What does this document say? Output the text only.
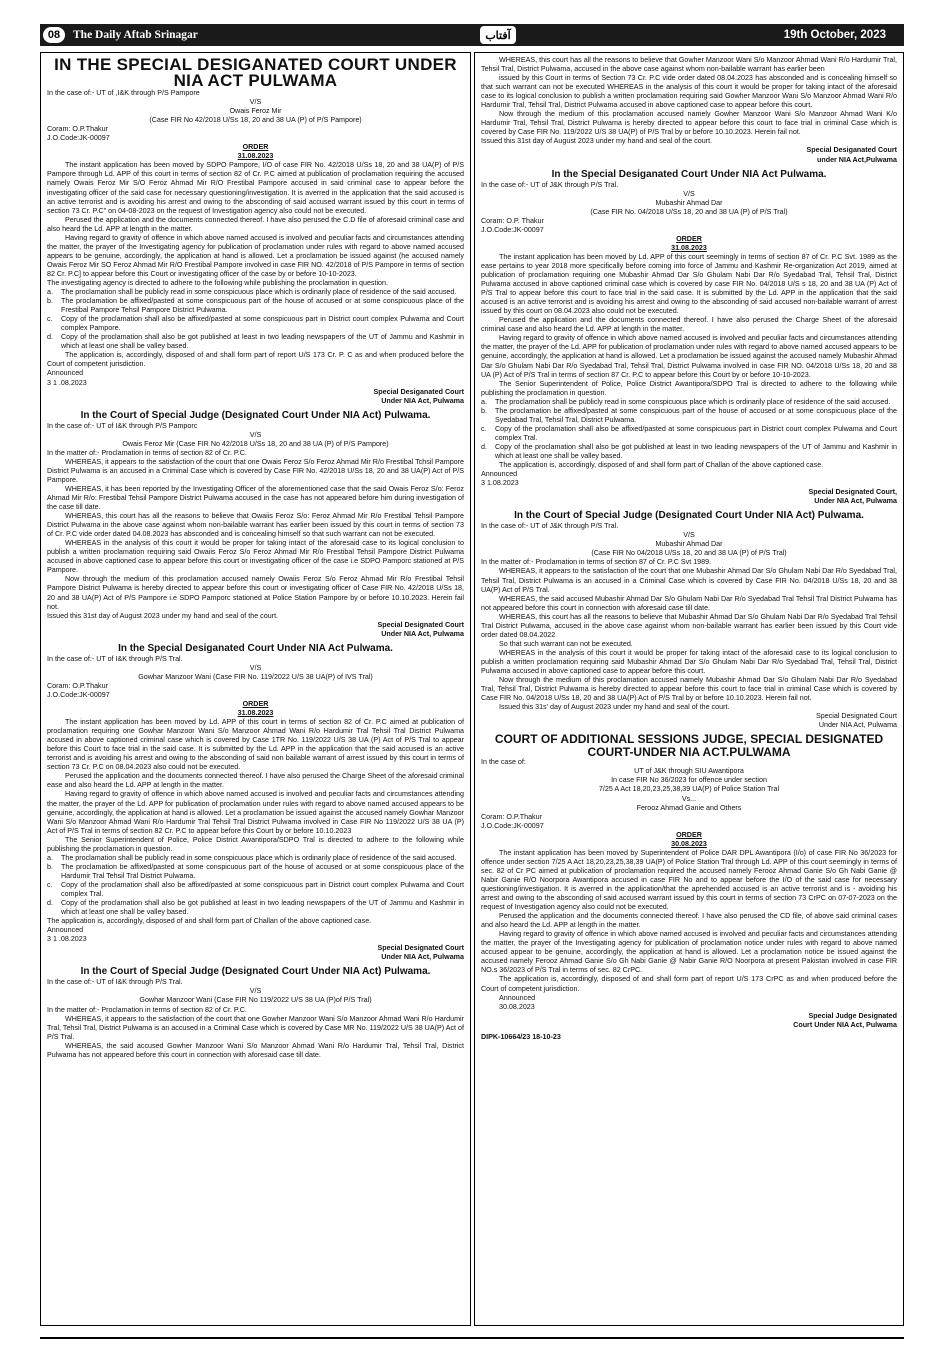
08	The Daily Aftab Srinagar	آفتاب	19th October, 2023

IN THE SPECIAL DESIGANATED COURT UNDER NIA ACT PULWAMA

In the case of:- UT of ,I&K through P/S Pampore

V/S

Owais Feroz Mir

(Case FIR No 42/2018 U/Ss 18, 20 and 38 UA (P) of P/S Pampore)

Coram: O.P.Thakur

J.O.Code:JK-00097

ORDER

31.08.2023

The instant application has been moved by SDPO Pampore, I/O of case FIR No. 42/2018 U/Ss 18, 20 and 38 UA(P) of P/S Pampore through Ld. APP of this court in terms of section 82 of Cr. P.C aimed at publication of proclamation requiring the accused namely Owais Feroz Mir S/O Feroz Ahmad Mir R/O Frestibal Pampore accused in said criminal case to appear before the investigating officer of the said case for necessary questioning/investigation. It is averred in the application that the said accused is an active terrorist and is avoiding his arrest and owing to the absconding of said accused warrant issued by this court in terms of section 73 Cr. P.C" on 04-08-2023 on the request of Investigation agency also could not be executed.

Perused the application and the documents connected thereof. I have also perused the C.D file of aforesaid criminal case and also heard the Ld. APP at length in the matter.

Having regard to gravity of offence in which above named accused is involved and peculiar facts and circumstances attending the matter, the prayer of the Investigating agency for publication of proclamation under rules with regard to above named accused appears to be genuine, accordingly, the application at hand is allowed. Let a proclamation be issued against (he accused namely Owais Feroz Mir SO Feroz Ahmad Mir R/O Frestibal Pampore involved in case FIR NO. 42/2018 of P/S Pampore in terms of section 82 Cr. P.C] to appear before this Court or investigating officer of the case by or before 10-10-2023.

The investigating agency is directed to adhere to the following while publishing the proclamation in question.

a.	The proclamation shall be publicly read in some conspicuous place which is ordinarily place of residence of the said accused.
b.	The proclamation be affixed/pasted at some conspicuous part of the house of accused or at some conspicuous place of the Frestibal Pampore Tehsil Pampore District Pulwama.
c.	Copy of the proclamation shall also be affixed/pasted at some conspicuous part in District court complex Pulwama and Court complex Pampore.
d.	Copy of the proclamation shall also be got published at least in two leading newspapers of the UT of Jammu and Kashmir in which at least one shall be valley based.

The application is, accordingly, disposed of and shall form part of report U/S 173 Cr. P. C as and when produced before the Court of competent jurisdiction.

Announced

3 1 .08.2023

Special Desiganated Court

Under NIA Act, Pulwama

In the Court of Special Judge (Designated Court Under NIA Act) Pulwama.

In the case of:- UT of I&K through P/S Pamporc

V/S

Owais Feroz Mir (Case FIR No 42/2018 U/Ss 18, 20 and 38 UA (P) of P/S Pampore)

In the matter of:- Proclamation in terms of section 82 of Cr. P.C.

WHEREAS, it appears to the satisfaction of the court that one Owais Feroz S/o Feroz Ahmad Mir R/o Frestibal Tchsil Pampore District Pulwama is an accused in a Criminal Case which is covered by Case FIR No. 42/2018 U/Ss 18, 20 and 38 UA(P) Act of P/S Pampore.

WHEREAS, it has been reported by the Investigating Officer of the aforementioned case that the said Owais Feroz S/o: Feroz Ahmad Mir R/o: Frestibal Tehsil Pampore District Pulwama accused in the case has not appeared before him during investigation of the case till date.

WHEREAS, this court has all the reasons to believe that Owaiis Feroz S/o: Feroz Ahmad Mir R/o Frestibal Tehsil Pampore District Pulwama in the above case against whom non-bailable warrant has earlier been issued by this court in terms of section 73 of Cr. P.C vide order dated 04.08.2023 has absconded and is concealing himself so that such warrant can not be executed.

WHEREAS in the analysis of this court it would be proper for taking intact of the aforesaid case to its logical conclusion to publish a written proclamation requiring said Owaiis Feroz S/o Feroz Ahmad Mir R/o Frestibal Tehsil Pampore District Pulwama accused in above captioned case to appear before this court or investigating officer of the case i.e SDPO Pamporc stationed at P/S Pampore.

Now through the medium of this proclamation accused namely Owaiis Feroz S/o Feroz Ahmad Mir R/o Frestibal Tehsil Pampore District Pulwama is hereby directed to appear before this court or investigating officer of Case FIR No. 42/2018 U/Ss 18, 20 and 38 UA(P) Act of P/S Pampore i.e SDPO Pamporc stationed at Police Station Pampore by or before 10.10.2023. Herein fail not.

Issued this 31st day of August 2023 under my hand and seal of the court.

Special Designated Court

Under NIA Act, Pulwama

In the Special Desiganated Court Under NIA Act Pulwama.

In the case of:- UT of I&K through P/S Tral.

V/S

Gowhar Manzoor Wani (Case FIR No. 119/2022 U/S 38 UA(P) of IVS Tral)

Coram: O.P.Thakur

J.O.Code:JK-00097

ORDER

31.08.2023

The instant application has been moved by Ld. APP of this court in terms of section 82 of Cr. P.C aimed at publication of proclamation requiring one Gowhar Manzoor Wani S/o Manzoor Ahmad Wani R/o Hardumir Tral Tehsil Tral District Pulwama accused in above captioned criminal case which is covered by Case 1TR No. 119/2022 U/S 38 UA (P) Act of P/S Tral to appear before this Court to face trial in the said case. It is submitted by the Ld. APP in the application that the said accused is an active terrorist and is avoiding his arrest and owing to the absconding of said non bailable warrant of arrest issued by this court in terms of section 73 Cr. P.C on 08.04.2023 also could not be executed.

Perused the application and the documents connected thereof. I have also perused the Charge Sheet of the aforesaid criminal ease and also heard the Ld. APP at length in the matter.

Having regard to gravity of offence in which above named accused is involved and peculiar facts and circumstances attending the matter, the prayer of the Ld. APP for publication of proclamation under rules with regard to above named accused appears to be genuine, accordingly, the application at hand is allowed. Let a proclamation be issued against the accused namely Gowhar Manzoor Wani S/o Manzoor Ahmad Wani R/o Hardumir Tral Tehsil Tral District Pulwama involved in Case FIR No 119/2022 U/S 38 UA (P) Act of P/S Tral in terms of section 82 Cr. P.C to appear before this Court by or before 10.10.2023

The Senior Superintendent of Police, Police District Awantipora/SDPO Tral is directed to adhere to the following while publishing the proclamation in question.

a.	The proclamation shall be publicly read in some conspicuous place which is ordinarily place of residence of the said accused.
b.	The proclamation be affixed/pasted at some conspicuous part of the house of accused or at some conspicuous place of the Hardumir Tral Tehsil Tral District Pulwama.
c.	Copy of the proclamation shall also be affixed/pasted at some conspicuous part in District court complex Pulwama and Court complex Tral.
d.	Copy of the proclamation shall also be got published at least in two leading newspapers of the UT of Jammu and Kashmir in which at least one shall be valley based.

The application is, accordingly, disposed of and shall form part of Challan of the above captioned case.

Announced

3 1 .08.2023

Special Designated Court

Under NIA Act, Pulwama

In the Court of Special Judge (Designated Court Under NIA Act) Pulwama.

In the case of:- UT of I&K through P/S Tral.

V/S

Gowhar Manzoor Wani (Case FIR No 119/2022 U/S 38 UA (P)of P/S Tral)

In the matter of:- Proclamation in terms of section 82 of Cr. P.C.

WHEREAS, it appears to the satisfaction of the court that one Gowher Manzoor Wani S/o Manzoor Ahmad Wani R/o Hardumir Tral, Tehsil Tral, District Pulwama is an accused in a Criminal Case which is covered by Case MR No. 119/2022 U/S 38 UA(P) Act of P/S Tral.

WHEREAS, the said accused Gowher Manzoor Wani S/o Manzoor Ahmad Wani R/o Hardumir Tral, Tehsil Tral, District Pulwama has not appeared before this court in connection with aforesaid case till date.

WHEREAS, this court has all the reasons to believe that Gowher Manzoor Wani S/o Manzoor Ahmad Wani R/o Hardumir Tral, Tehsil Tral, District Pulwama, accused in the above case against whom non-bailable warrant has earlier been

issued by this Court in terms of Section 73 Cr. P.C vide order dated 08.04.2023 has absconded and is concealing himself so that such warrant can not be executed WHEREAS in the analysis of this court it would be proper for taking intact of the aforesaid case to its logical conclusion to publish a written proclamation requiring said Gowher Manzoor Wani S/o Manzoor Ahmad Wani R/o Hardumir Tral, Tehsil Tral, District Pulwama accused in above captioned case to appear before this court.

Now through the medium of this proclamation accused namely Gowher Manzoor Wani S/o Manzoor Ahmad Wani K/o Hardumir Tral, Tehsil Tral, District Pulwama is hereby directed to appear before this court to face trial in criminal Case which is covered by Case FIR No. 119/2022 U/S 38 UA(P) of P/S Tral by or before 10.10.2023. Herein fail not.

Issued this 31st day of August 2023 under my hand and seal of the court.

Special Desiganated Court

under NIA Act,Pulwama

In the Special Desiganated Court Under NIA Act Pulwama.

In the case of:- UT of J&K through P/S Tral.

V/S

Mubashir Ahmad Dar

(Case FIR No. 04/2018 U/Ss 18, 20 and 38 UA (P) of P/S Tral)

Coram: O.P. Thakur

J.O.Code:JK-00097

ORDER

31.08.2023

The instant application has been moved by Ld. APP of this court seemingly in terms of section 87 of Cr. P.C Svt. 1989 as the ease pertains to year 2018 more specifically before coming into force of Jammu and Kashmir Re-organization Act 2019, aimed at publication of proclamation requiring one Mubashir Ahmad Dar S/o Ghulam Nabi Dar R/o Syedabad Tral, Tehsil Tral, District Pulwama accused in above captioned criminal case which is covered by case FIR No. 04/2018 U/S s 18, 20 and 38 UA (P) Act of P/S Tral to appear before this court to face trial in the said case. It is submitted by the Ld. APP in the application that the said accused is an active terrorist and is avoiding his arrest and owing to the absconding of said accused non-bailable warrant of arrest issued by this court on 08.04.2023 also could not be executed.

Perused the application and the documents connected thereof. I have also perused the Charge Sheet of the aforesaid criminal case and also heard the Ld. APP at length in the matter.

Having regard to gravity of offence in which above named accused is involved and peculiar facts and circumstances attending the matter, the prayer of the Ld. APP for publication of proclamation under rules with regard to above named accused appears to be genuine, accordingly, the application at hand is allowed. Let a proclamation be issued against the accused namely Mubashir Ahmad Dar S/o Ghulam Nabi Dar R/o Syedabad Tral, Tehsil Tral, District Pulwama involved in case FIR NO. 04/2018 U/Ss 18, 20 and 38 UA (P) Act of P/S Tral in terms of section 87 Cr. P.C to appear before this Court by or before 10-10-2023.

The Senior Superintendent of Police, Police District Awantipora/SDPO Tral is directed to adhere to the following while publishing the proclamation in question.

a.	The proclamation shall be publicly read in some conspicuous place which is ordinarily place of residence of the said accused.
b.	The proclamation be affixed/pasted at some conspicuous part of the house of accused or at some conspicuous place of the Syedabad Tral, Tehsil Tral, District Pulwama.
c.	Copy of the proclamation shall also be affixed/pasted at some conspicuous part in District court complex Pulwama and Court complex Tral.
d.	Copy of the proclamation shall also be got published at least in two leading newspapers of the UT of Jammu and Kashmir in which at least one shall be valley based.

The application is, accordingly, disposed of and shall form part of Challan of the above captioned case.

Announced

3 1.08.2023

Special Designated Court,

Under NIA Act, Pulwama

In the Court of Special Judge (Designated Court Under NIA Act) Pulwama.

In the case of:- UT of J&K through P/S Tral.

V/S

Mubashir Ahmad Dar

(Case FIR No 04/2018 U/Ss 18, 20 and 38 UA (P) of P/S Tral)

In the matter of:- Proclamation in terms of section 87 of Cr. P.C Svt 1989.

WHEREAS, it appears to the satisfaction of the court that one Mubashir Ahmad Dar S/o Ghulam Nabi Dar R/o Syedabad Tral, Tehsil Tral, District Pulwama is an accused in a Criminal Case which is covered by Case FIR No. 04/2018 U/Ss 18, 20 and 38 UA(P) Act of P/S Tral.

WHEREAS, the said accused Mubashir Ahmad Dar S/o Ghulam Nabi Dar R/o Syedabad Tral Tehsil Tral District Pulwama has not appeared before this court in connection with aforesaid case till date.

WHEREAS, this court has all the reasons to believe that Mubashir Ahmad Dar S/o Ghulam Nabi Dar R/o Syedabad Tral Tehsil Tral District Pulwama, accused in the above case against whom non-bailable warrant has earlier been issued by this Court vide order dated 08.04.2022

So that such warrant can not be executed.

WHEREAS in the analysis of this court it would be proper for taking intact of the aforesaid case to its logical conclusion to publish a written proclamation requiring said Mubashir Ahmad Dar S/o Ghulam Nabi Dar R/o Syedabad Tral, Tehsil Tral, District Pulwama accused in above captioned case to appear before this court.

Now through the medium of this proclamation accused namely Mubashir Ahmad Dar S/o Ghulam Nabi Dar R/o Syedabad Tral, Tehsil Tral, District Pulwama is hereby directed to appear before this court to face trial in criminal Case which is covered by Case FIR No. 04/2018 U/Ss 18, 20 and 38 UA(P) Act of P/S Tral by or before 10.10.2023. Herein fail not.

Issued this 31s' day of August 2023 under my hand and seal of the court.

Special Designated Court

Under NIA Act, Pulwama

COURT OF ADDITIONAL SESSIONS JUDGE, SPECIAL DESIGNATED COURT-UNDER NIA ACT.PULWAMA

In the case of:

UT of J&K through SIU Awantipora

In case FIR No 36/2023 for offence under section

7/25 A Act 18,20,23,25,38,39 UA(P) of Police Station Tral

Vs...

Ferooz Ahmad Ganie and Others

Coram: O.P.Thakur

J.O.Code:JK-00097

ORDER

30.08.2023

The instant application has been moved by Superintendent of Police DAR DPL Awantipora (I/o) of case FIR No 36/2023 for offence under section 7/25 A Act 18,20,23,25,38,39 UA(P) of Police Station Tral through Ld. APP of this court seemingly in terms of sec. 82 of Cr PC aimed at publication of proclamation required the accused namely Ferooz Ahmad Ganie S/o Gh Nabi Ganie @ Nabir Ganie R/O Noorpora Awantipora accused in case FIR No and to appear before the I/O of the said case for necessary questioning/investigation. It is averred in the application/that the aprehended accused is an active terrorist and is - avoiding his arrest and owing to the absconding of said accused warrant issued by this court in terms of section 73 CrPC on 07-07-2023 on the request of Investigation agency also could not be executed.

Perused the application and the documents connected thereof. I have also perused the CD file, of above said criminal cases and also heard the Ld. APP at length in the matter.

Having regard to gravity of offence in which above named accused is involved and peculiar facts and circumstances attending the matter, the prayer of the Investigating agency for publication of proclamation notice under rules with regard to above named accused appear to be genuine, accordingly, the application at hand is allowed. Let a proclamation notice be issued against the accused namely Ferooz Ahmad Ganie S/o Gh Nabi Ganie @ Nabir Ganie R/O Noorpora at present Pakistan involved in case FIR NO.s 36/2023 of P/S Tral in terms of sec. 82 CrPC.

The application is, accordingly, disposed of and shall form part of report U/S 173 CrPC as and when produced before the Court of competent jurisdiction.

Announced

30.08.2023

Special Judge Designated

Court Under NIA Act, Pulwama

DIPK-10664/23 18-10-23
